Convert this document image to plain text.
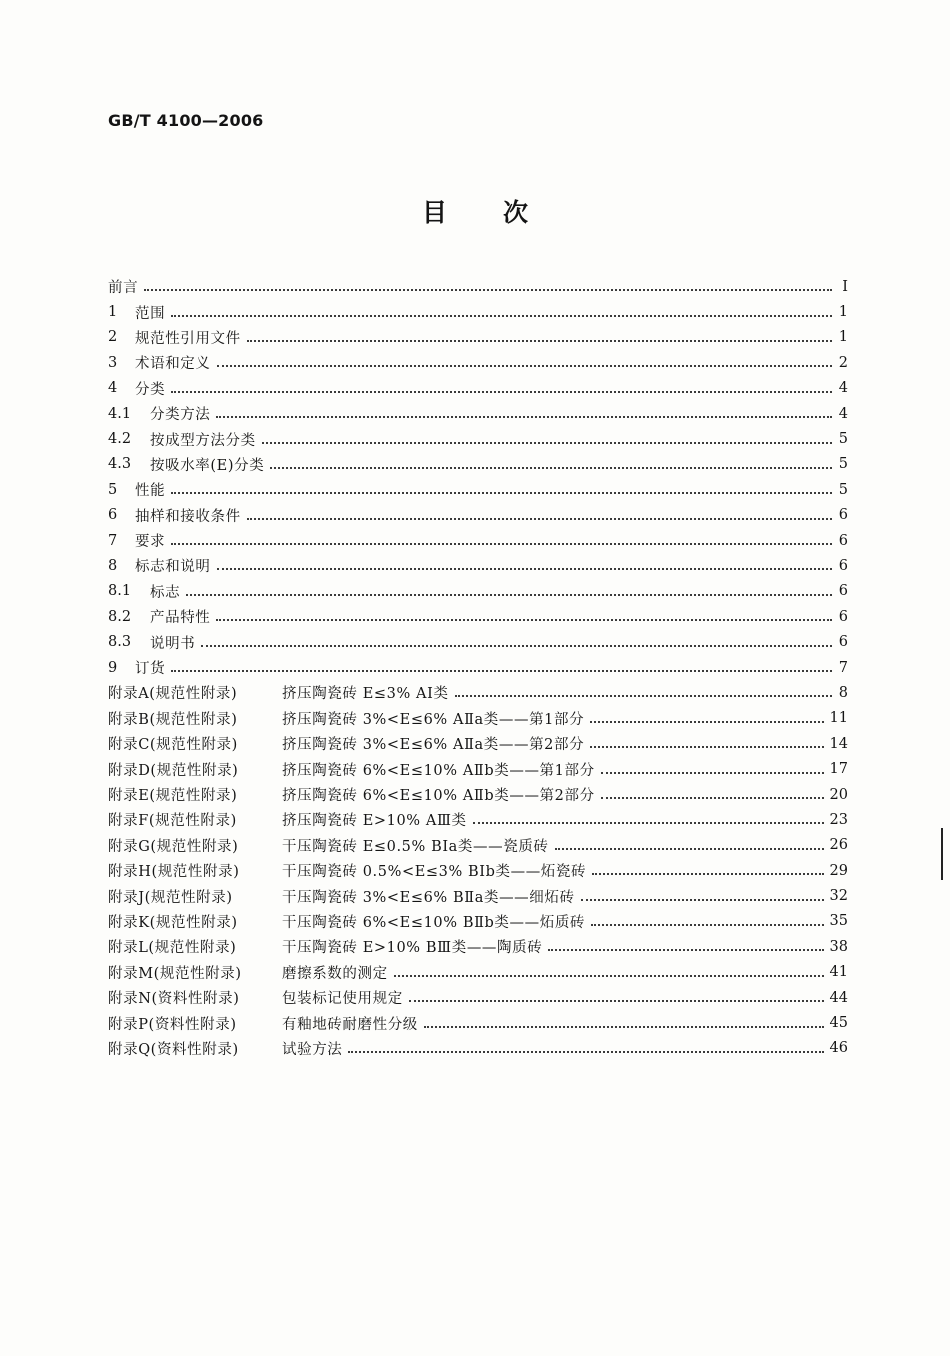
GB/T 4100—2006
目 次
前言	Ⅰ
1	范围	1
2	规范性引用文件	1
3	术语和定义	2
4	分类	4
4.1	分类方法	4
4.2	按成型方法分类	5
4.3	按吸水率(E)分类	5
5	性能	5
6	抽样和接收条件	6
7	要求	6
8	标志和说明	6
8.1	标志	6
8.2	产品特性	6
8.3	说明书	6
9	订货	7
附录A(规范性附录)	挤压陶瓷砖 E≤3% AⅠ类	8
附录B(规范性附录)	挤压陶瓷砖 3%<E≤6% AⅡa类——第1部分	11
附录C(规范性附录)	挤压陶瓷砖 3%<E≤6% AⅡa类——第2部分	14
附录D(规范性附录)	挤压陶瓷砖 6%<E≤10% AⅡb类——第1部分	17
附录E(规范性附录)	挤压陶瓷砖 6%<E≤10% AⅡb类——第2部分	20
附录F(规范性附录)	挤压陶瓷砖 E>10% AⅢ类	23
附录G(规范性附录)	干压陶瓷砖 E≤0.5% BⅠa类——瓷质砖	26
附录H(规范性附录)	干压陶瓷砖 0.5%<E≤3% BⅠb类——炻瓷砖	29
附录J(规范性附录)	干压陶瓷砖 3%<E≤6% BⅡa类——细炻砖	32
附录K(规范性附录)	干压陶瓷砖 6%<E≤10% BⅡb类——炻质砖	35
附录L(规范性附录)	干压陶瓷砖 E>10% BⅢ类——陶质砖	38
附录M(规范性附录)	磨擦系数的测定	41
附录N(资料性附录)	包装标记使用规定	44
附录P(资料性附录)	有釉地砖耐磨性分级	45
附录Q(资料性附录)	试验方法	46
